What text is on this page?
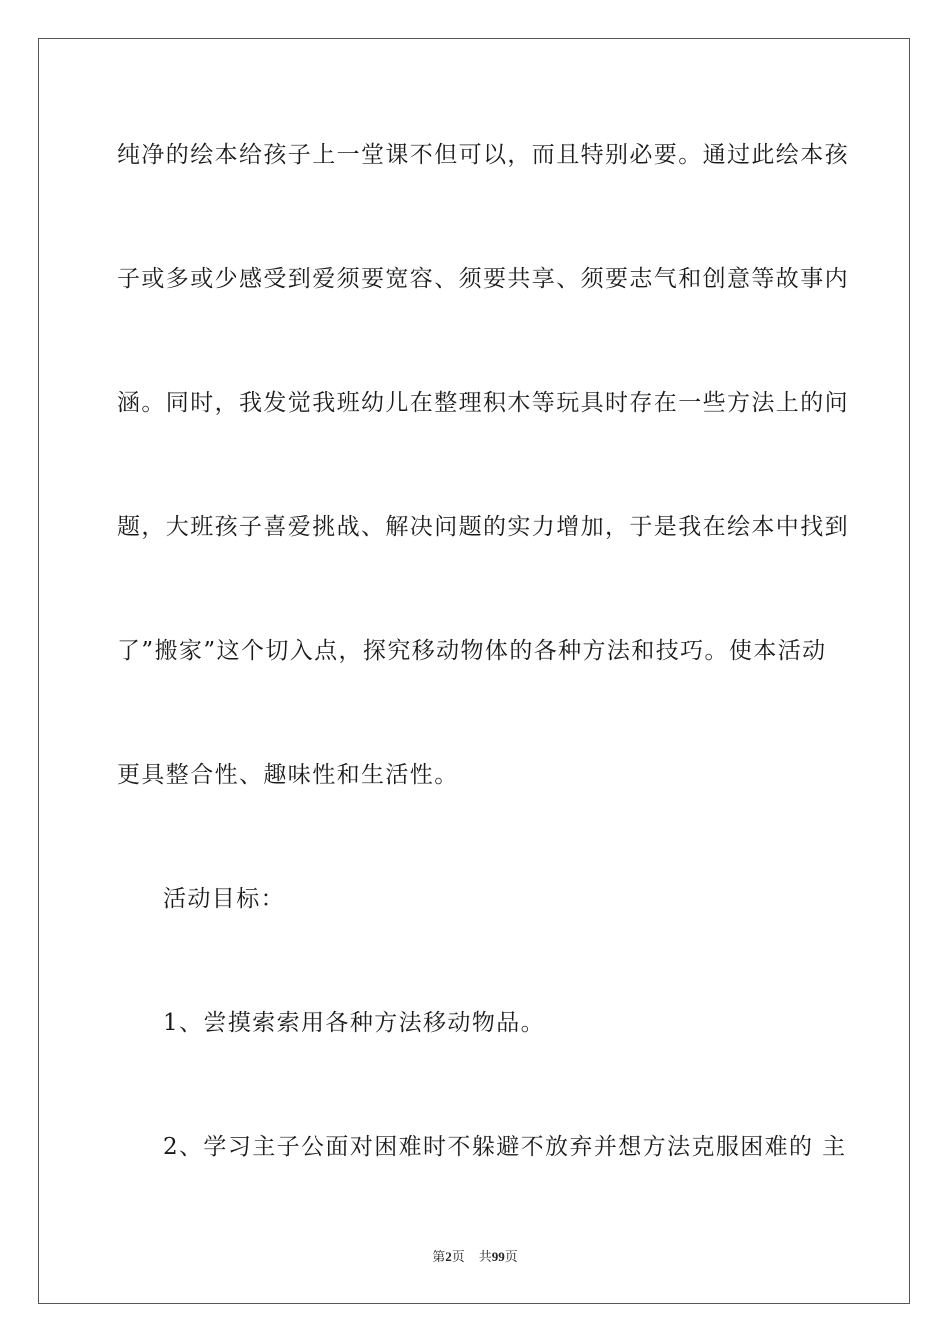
纯净的绘本给孩子上一堂课不但可以，而且特别必要。通过此绘本孩
子或多或少感受到爱须要宽容、须要共享、须要志气和创意等故事内
涵。同时，我发觉我班幼儿在整理积木等玩具时存在一些方法上的问
题，大班孩子喜爱挑战、解决问题的实力增加，于是我在绘本中找到
了”搬家”这个切入点，探究移动物体的各种方法和技巧。使本活动
更具整合性、趣味性和生活性。
活动目标：
1、尝摸索索用各种方法移动物品。
2、学习主子公面对困难时不躲避不放弃并想方法克服困难的 主
第2页 共99页
